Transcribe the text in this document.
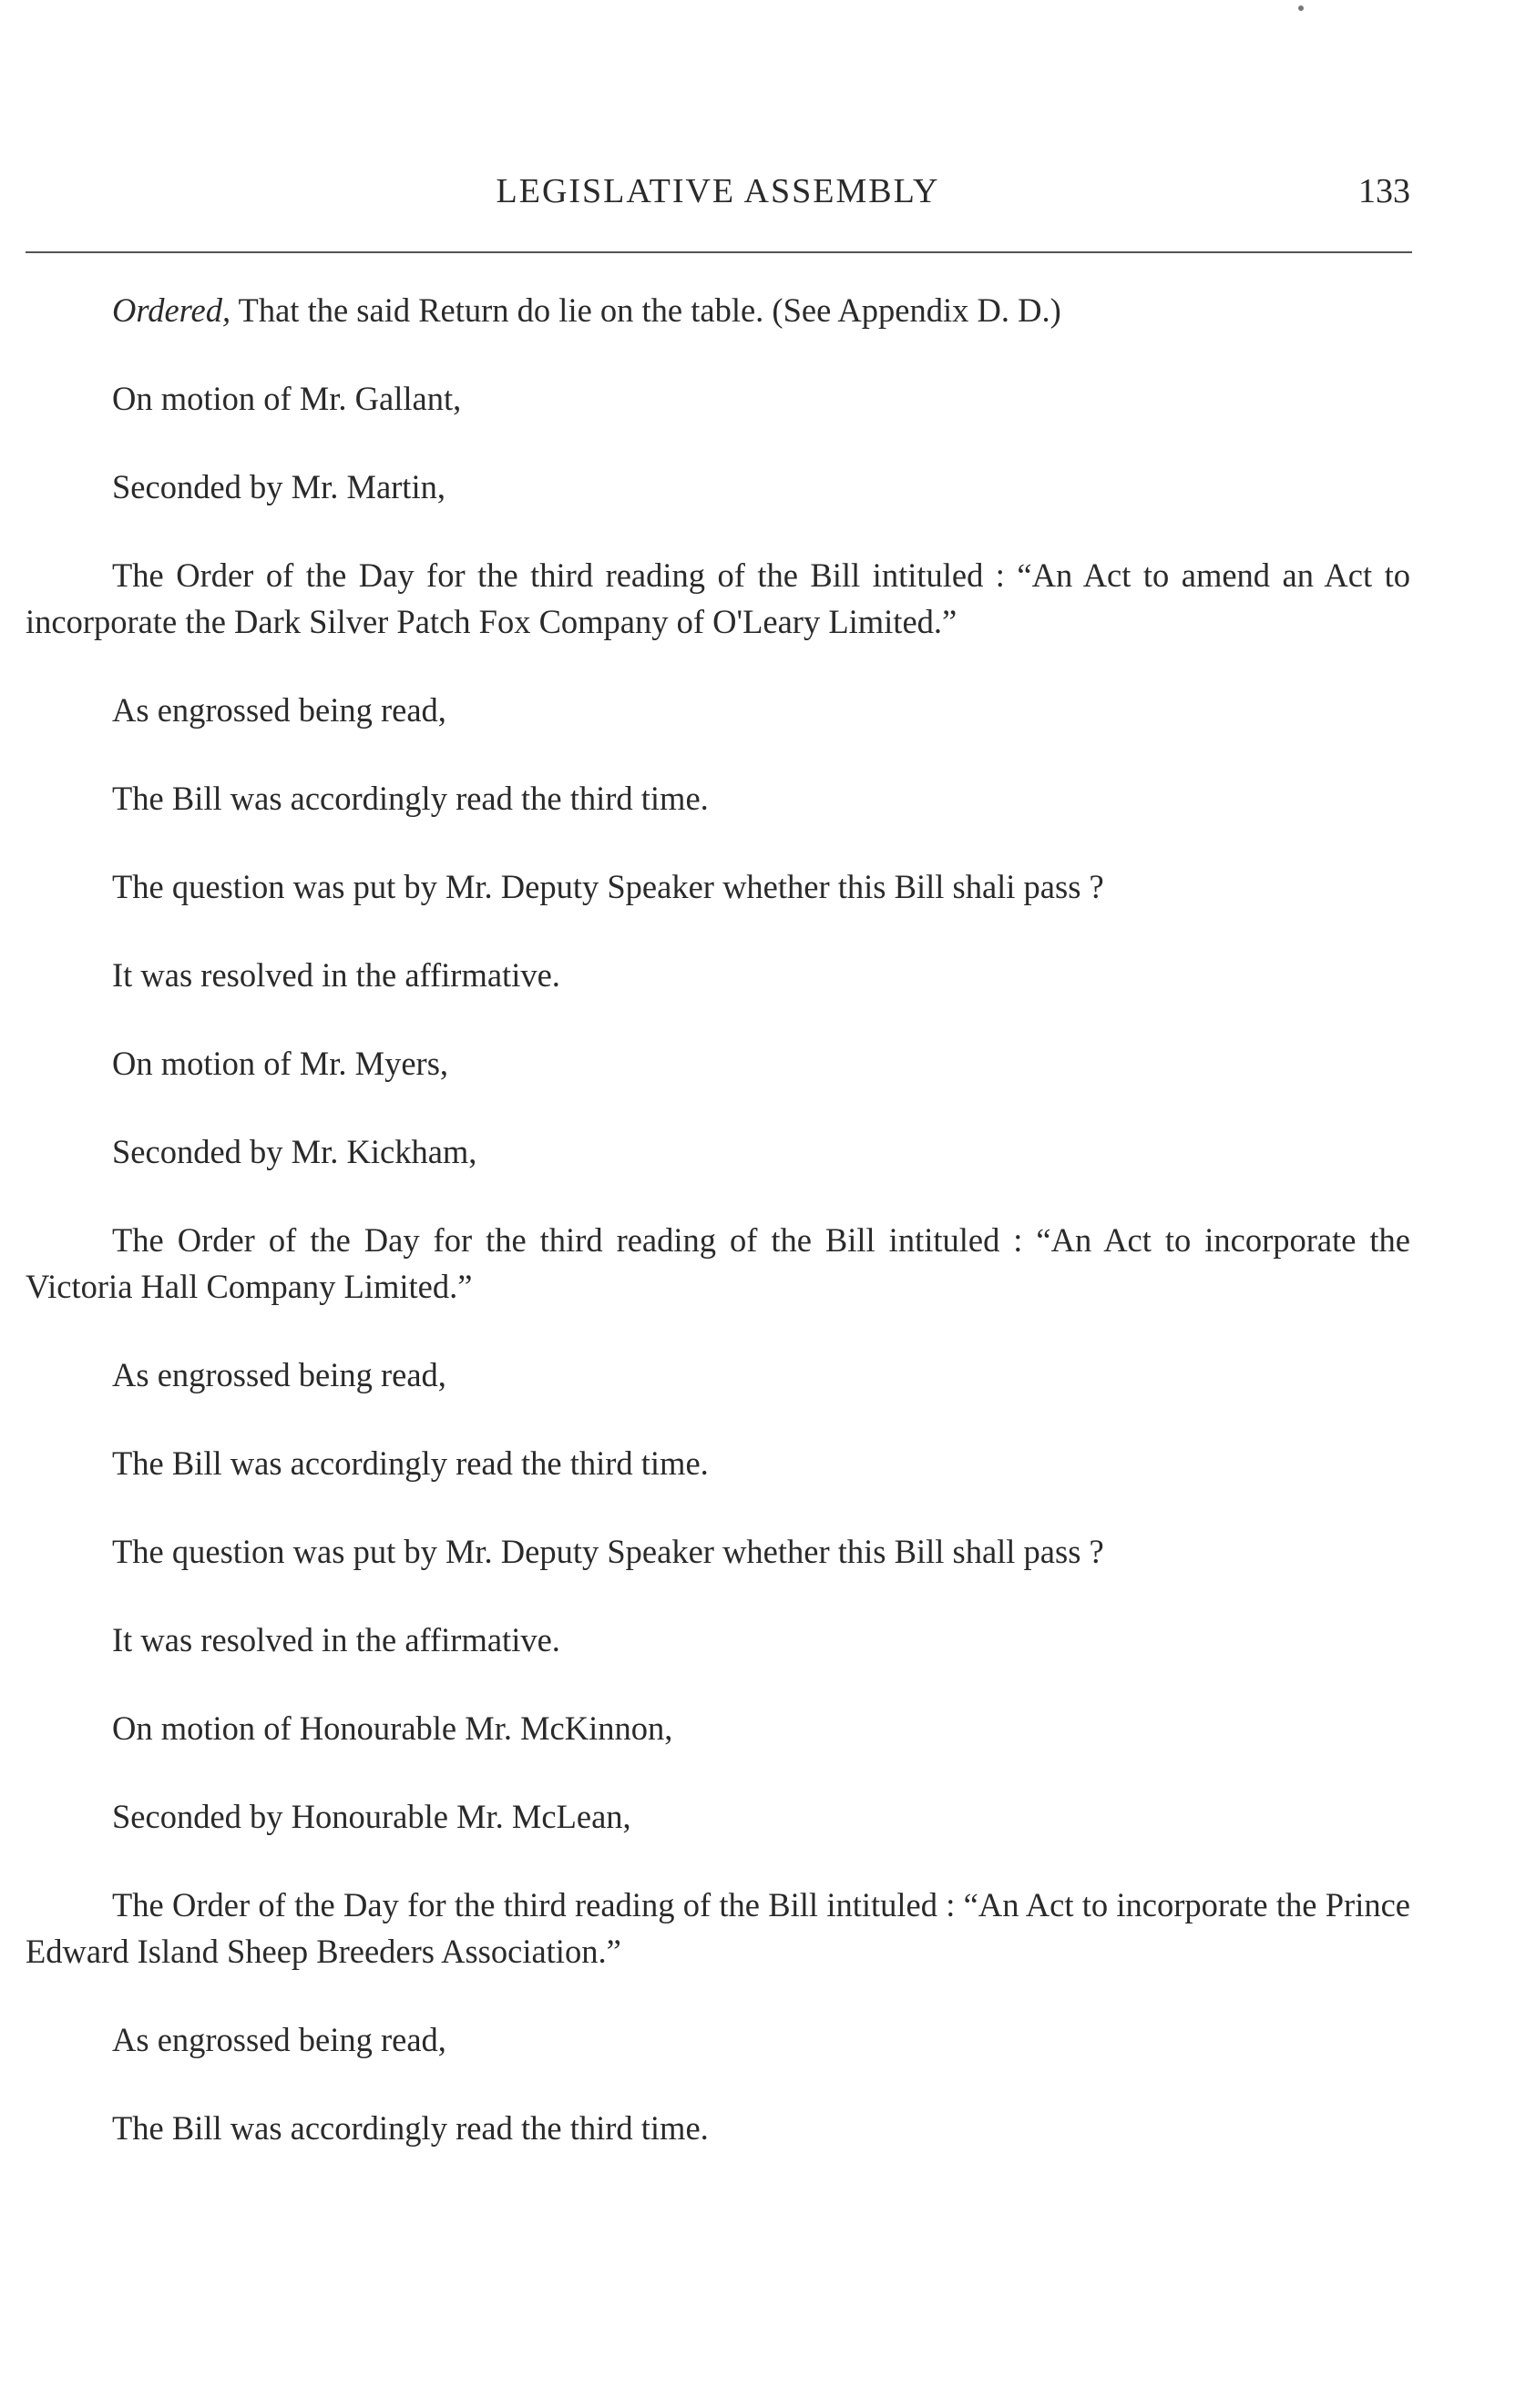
LEGISLATIVE ASSEMBLY	133

Ordered, That the said Return do lie on the table. (See Appendix D. D.)

On motion of Mr. Gallant,

Seconded by Mr. Martin,

The Order of the Day for the third reading of the Bill intituled : “An Act to amend an Act to incorporate the Dark Silver Patch Fox Company of O'Leary Limited.”

As engrossed being read,

The Bill was accordingly read the third time.

The question was put by Mr. Deputy Speaker whether this Bill shali pass ?

It was resolved in the affirmative.

On motion of Mr. Myers,

Seconded by Mr. Kickham,

The Order of the Day for the third reading of the Bill intituled : “An Act to incorporate the Victoria Hall Company Limited.”

As engrossed being read,

The Bill was accordingly read the third time.

The question was put by Mr. Deputy Speaker whether this Bill shall pass ?

It was resolved in the affirmative.

On motion of Honourable Mr. McKinnon,

Seconded by Honourable Mr. McLean,

The Order of the Day for the third reading of the Bill intituled : “An Act to incorporate the Prince Edward Island Sheep Breeders Association.”

As engrossed being read,

The Bill was accordingly read the third time.
